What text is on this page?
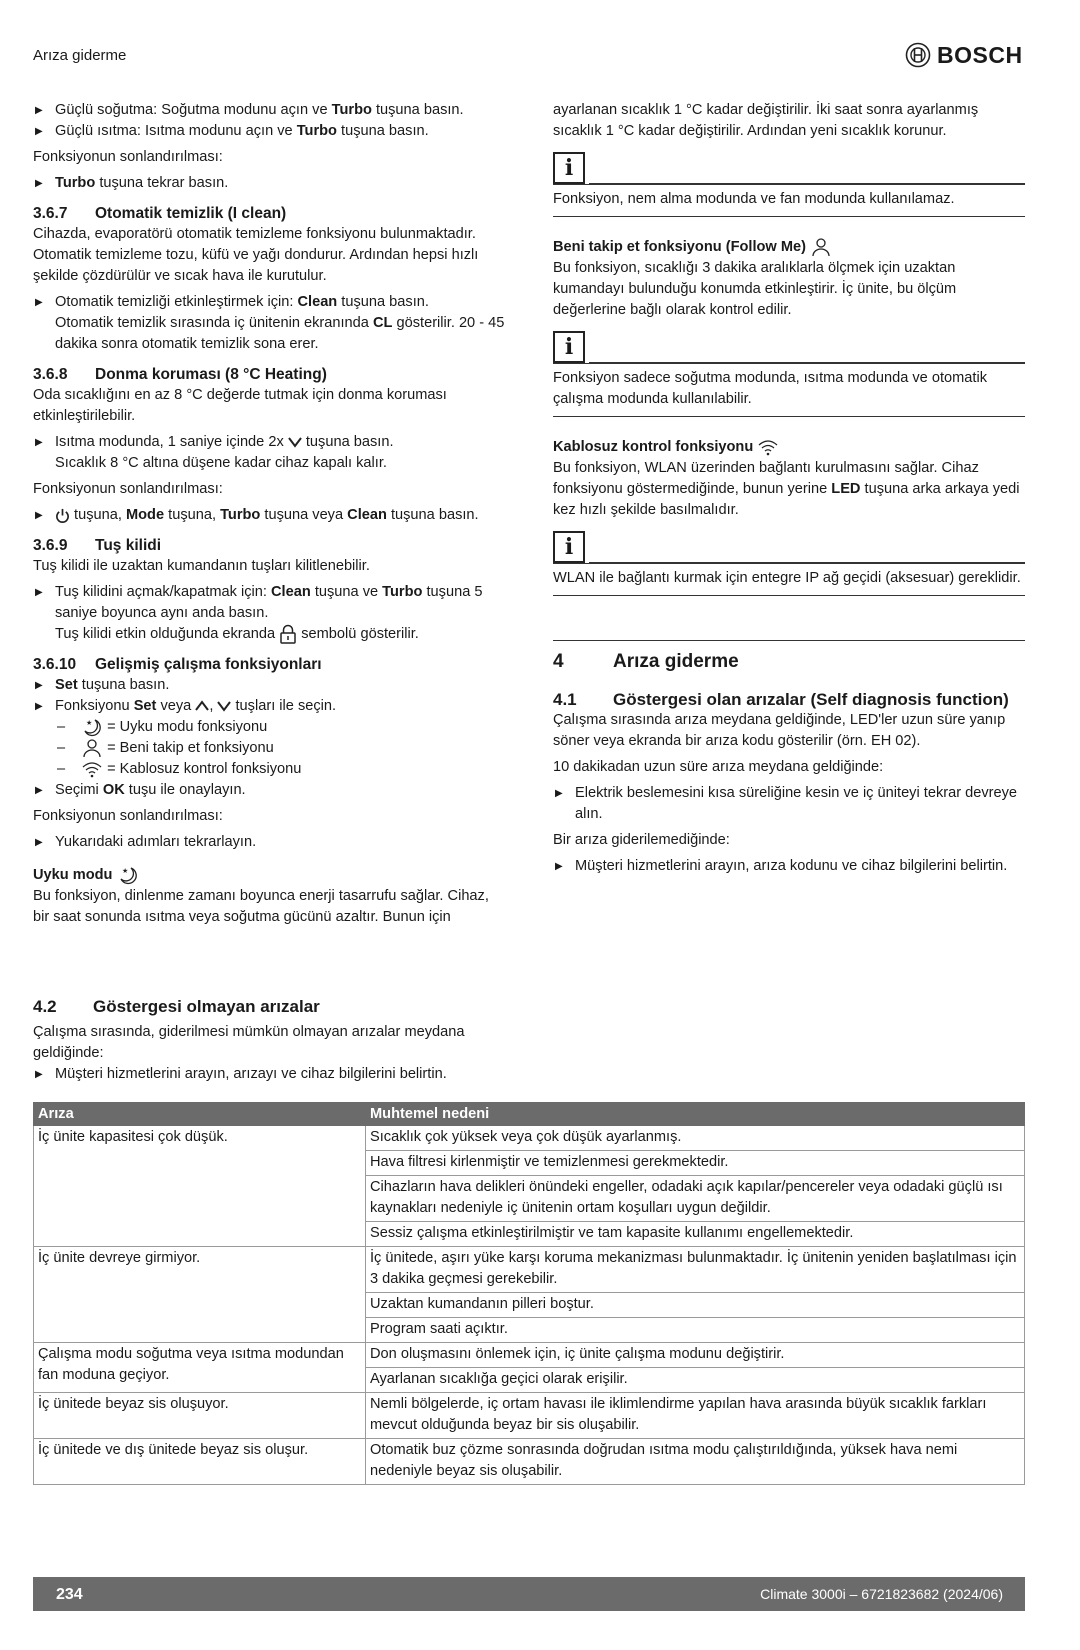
Arıza giderme	BOSCH

▶ Güçlü soğutma: Soğutma modunu açın ve Turbo tuşuna basın.

▶ Güçlü ısıtma: Isıtma modunu açın ve Turbo tuşuna basın.

Fonksiyonun sonlandırılması:

▶ Turbo tuşuna tekrar basın.

3.6.7 Otomatik temizlik (I clean)

Cihazda, evaporatörü otomatik temizleme fonksiyonu bulunmaktadır. Otomatik temizleme tozu, küfü ve yağı dondurur. Ardından hepsi hızlı şekilde çözdürülür ve sıcak hava ile kurutulur.

▶ Otomatik temizliği etkinleştirmek için: Clean tuşuna basın.
Otomatik temizlik sırasında iç ünitenin ekranında CL gösterilir. 20 - 45 dakika sonra otomatik temizlik sona erer.

3.6.8 Donma koruması (8 °C Heating)

Oda sıcaklığını en az 8 °C değerde tutmak için donma koruması etkinleştirilebilir.

▶ Isıtma modunda, 1 saniye içinde 2x  tuşuna basın.
Sıcaklık 8 °C altına düşene kadar cihaz kapalı kalır.

Fonksiyonun sonlandırılması:

▶ tuşuna, Mode tuşuna, Turbo tuşuna veya Clean tuşuna basın.

3.6.9 Tuş kilidi

Tuş kilidi ile uzaktan kumandanın tuşları kilitlenebilir.

▶ Tuş kilidini açmak/kapatmak için: Clean tuşuna ve Turbo tuşuna 5 saniye boyunca aynı anda basın.
Tuş kilidi etkin olduğunda ekranda  sembolü gösterilir.

3.6.10 Gelişmiş çalışma fonksiyonları

▶ Set tuşuna basın.

▶ Fonksiyonu Set veya ,  tuşları ile seçin.

– ★ = Uyku modu fonksiyonu

– = Beni takip et fonksiyonu

– = Kablosuz kontrol fonksiyonu

▶ Seçimi OK tuşu ile onaylayın.

Fonksiyonun sonlandırılması:

▶ Yukarıdaki adımları tekrarlayın.

Uyku modu ★

Bu fonksiyon, dinlenme zamanı boyunca enerji tasarrufu sağlar. Cihaz, bir saat sonunda ısıtma veya soğutma gücünü azaltır. Bunun için

4.2 Göstergesi olmayan arızalar

Çalışma sırasında, giderilmesi mümkün olmayan arızalar meydana geldiğinde:

▶ Müşteri hizmetlerini arayın, arızayı ve cihaz bilgilerini belirtin.

ayarlanan sıcaklık 1 °C kadar değiştirilir. İki saat sonra ayarlanmış sıcaklık 1 °C kadar değiştirilir. Ardından yeni sıcaklık korunur.

i
Fonksiyon, nem alma modunda ve fan modunda kullanılamaz.

Beni takip et fonksiyonu (Follow Me)

Bu fonksiyon, sıcaklığı 3 dakika aralıklarla ölçmek için uzaktan kumandayı bulunduğu konumda etkinleştirir. İç ünite, bu ölçüm değerlerine bağlı olarak kontrol edilir.

i
Fonksiyon sadece soğutma modunda, ısıtma modunda ve otomatik çalışma modunda kullanılabilir.

Kablosuz kontrol fonksiyonu

Bu fonksiyon, WLAN üzerinden bağlantı kurulmasını sağlar. Cihaz fonksiyonu göstermediğinde, bunun yerine LED tuşuna arka arkaya yedi kez hızlı şekilde basılmalıdır.

i
WLAN ile bağlantı kurmak için entegre IP ağ geçidi (aksesuar) gereklidir.

4	Arıza giderme

4.1 Göstergesi olan arızalar (Self diagnosis function)

Çalışma sırasında arıza meydana geldiğinde, LED'ler uzun süre yanıp söner veya ekranda bir arıza kodu gösterilir (örn. EH 02).

10 dakikadan uzun süre arıza meydana geldiğinde:

▶ Elektrik beslemesini kısa süreliğine kesin ve iç üniteyi tekrar devreye alın.

Bir arıza giderilemediğinde:

▶ Müşteri hizmetlerini arayın, arıza kodunu ve cihaz bilgilerini belirtin.

Arıza	Muhtemel nedeni
İç ünite kapasitesi çok düşük.	Sıcaklık çok yüksek veya çok düşük ayarlanmış.
	Hava filtresi kirlenmiştir ve temizlenmesi gerekmektedir.
	Cihazların hava delikleri önündeki engeller, odadaki açık kapılar/pencereler veya odadaki güçlü ısı kaynakları nedeniyle iç ünitenin ortam koşulları uygun değildir.
	Sessiz çalışma etkinleştirilmiştir ve tam kapasite kullanımı engellemektedir.
İç ünite devreye girmiyor.	İç ünitede, aşırı yüke karşı koruma mekanizması bulunmaktadır. İç ünitenin yeniden başlatılması için 3 dakika geçmesi gerekebilir.
	Uzaktan kumandanın pilleri boştur.
	Program saati açıktır.
Çalışma modu soğutma veya ısıtma modundan fan moduna geçiyor.	Don oluşmasını önlemek için, iç ünite çalışma modunu değiştirir.
	Ayarlanan sıcaklığa geçici olarak erişilir.
İç ünitede beyaz sis oluşuyor.	Nemli bölgelerde, iç ortam havası ile iklimlendirme yapılan hava arasında büyük sıcaklık farkları mevcut olduğunda beyaz bir sis oluşabilir.
İç ünitede ve dış ünitede beyaz sis oluşur.	Otomatik buz çözme sonrasında doğrudan ısıtma modu çalıştırıldığında, yüksek hava nemi nedeniyle beyaz sis oluşabilir.
234	Climate 3000i – 6721823682 (2024/06)
